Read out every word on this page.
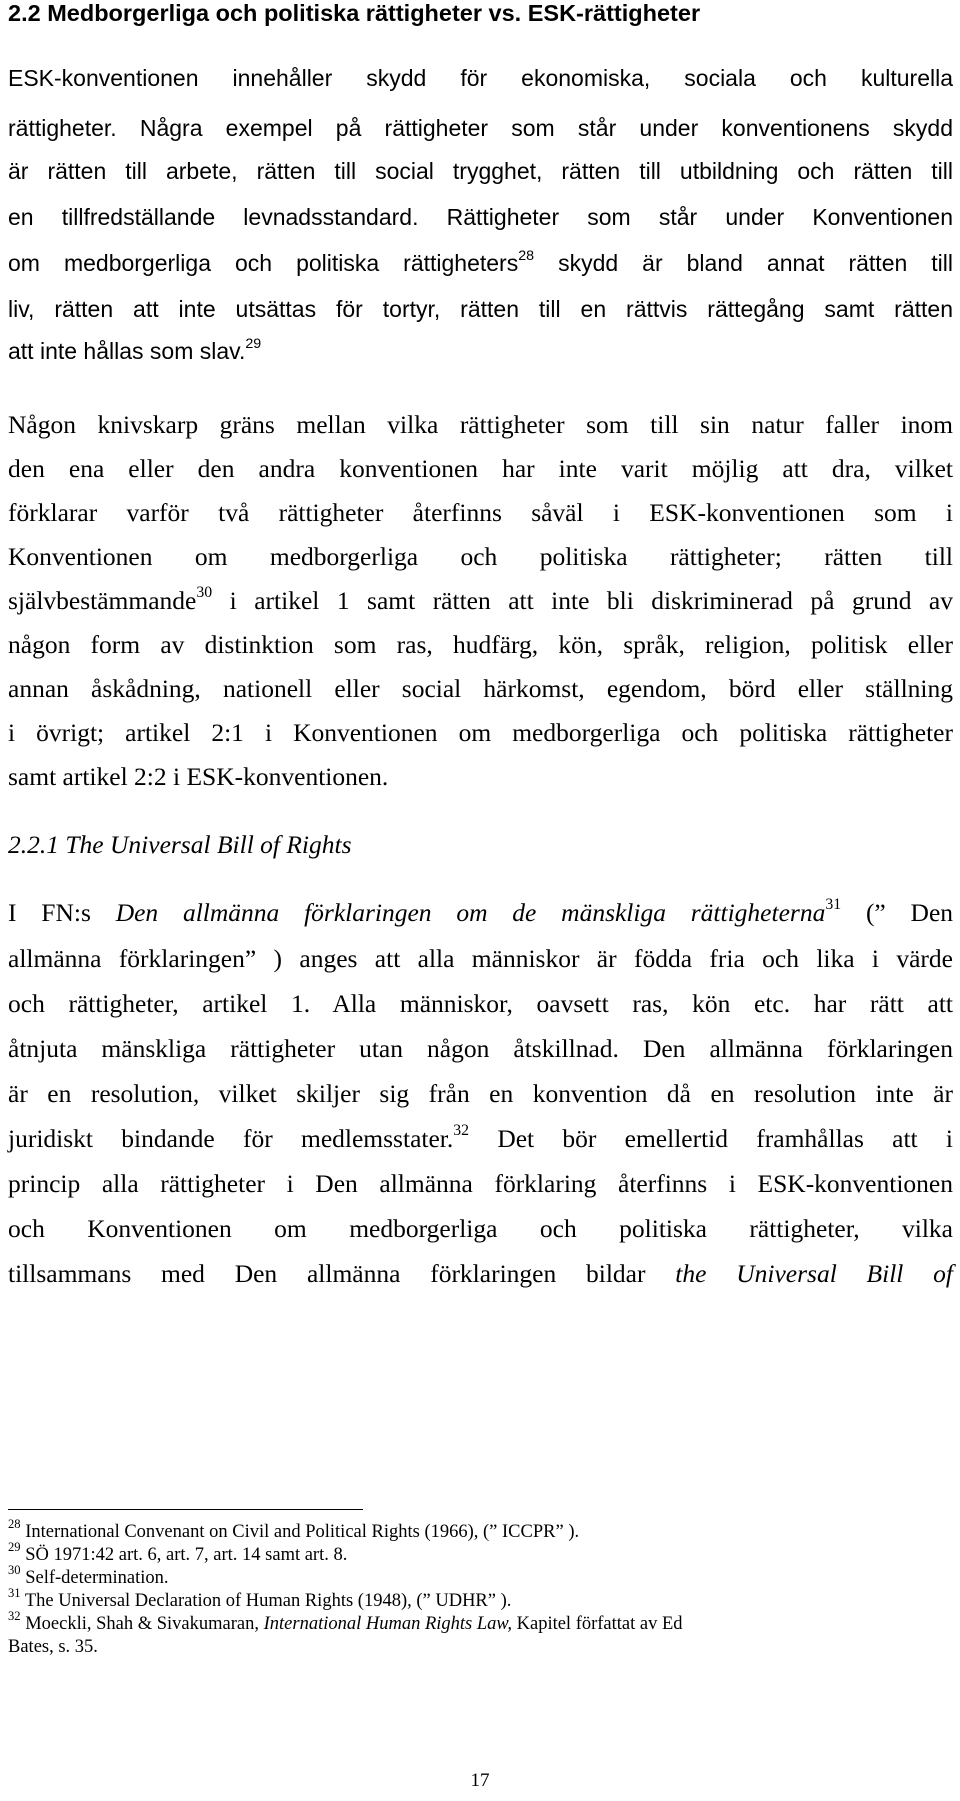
2.2 Medborgerliga och politiska rättigheter vs. ESK-rättigheter
ESK-konventionen innehåller skydd för ekonomiska, sociala och kulturella
rättigheter. Några exempel på rättigheter som står under konventionens skydd
är rätten till arbete, rätten till social trygghet, rätten till utbildning och rätten till
en tillfredställande levnadsstandard. Rättigheter som står under Konventionen
om medborgerliga och politiska rättigheters$^{28}$ skydd är bland annat rätten till
liv, rätten att inte utsättas för tortyr, rätten till en rättvis rättegång samt rätten
att inte hållas som slav.$^{29}$
Någon knivskarp gräns mellan vilka rättigheter som till sin natur faller inom
den ena eller den andra konventionen har inte varit möjlig att dra, vilket
förklarar varför två rättigheter återfinns såväl i ESK-konventionen som i
Konventionen om medborgerliga och politiska rättigheter; rätten till
självbestämmande$^{30}$ i artikel 1 samt rätten att inte bli diskriminerad på grund av
någon form av distinktion som ras, hudfärg, kön, språk, religion, politisk eller
annan åskådning, nationell eller social härkomst, egendom, börd eller ställning
i övrigt; artikel 2:1 i Konventionen om medborgerliga och politiska rättigheter
samt artikel 2:2 i ESK-konventionen.
2.2.1 The Universal Bill of Rights
I FN:s Den allmänna förklaringen om de mänskliga rättigheterna$^{31}$ (” Den
allmänna förklaringen” ) anges att alla människor är födda fria och lika i värde
och rättigheter, artikel 1. Alla människor, oavsett ras, kön etc. har rätt att
åtnjuta mänskliga rättigheter utan någon åtskillnad. Den allmänna förklaringen
är en resolution, vilket skiljer sig från en konvention då en resolution inte är
juridiskt bindande för medlemsstater.$^{32}$ Det bör emellertid framhållas att i
princip alla rättigheter i Den allmänna förklaring återfinns i ESK-konventionen
och Konventionen om medborgerliga och politiska rättigheter, vilka
tillsammans med Den allmänna förklaringen bildar the Universal Bill of
$^{28}$ International Convenant on Civil and Political Rights (1966), (” ICCPR” ).
$^{29}$ SÖ 1971:42 art. 6, art. 7, art. 14 samt art. 8.
$^{30}$ Self-determination.
$^{31}$ The Universal Declaration of Human Rights (1948), (” UDHR” ).
$^{32}$ Moeckli, Shah & Sivakumaran, International Human Rights Law, Kapitel författat av Ed
Bates, s. 35.
17
